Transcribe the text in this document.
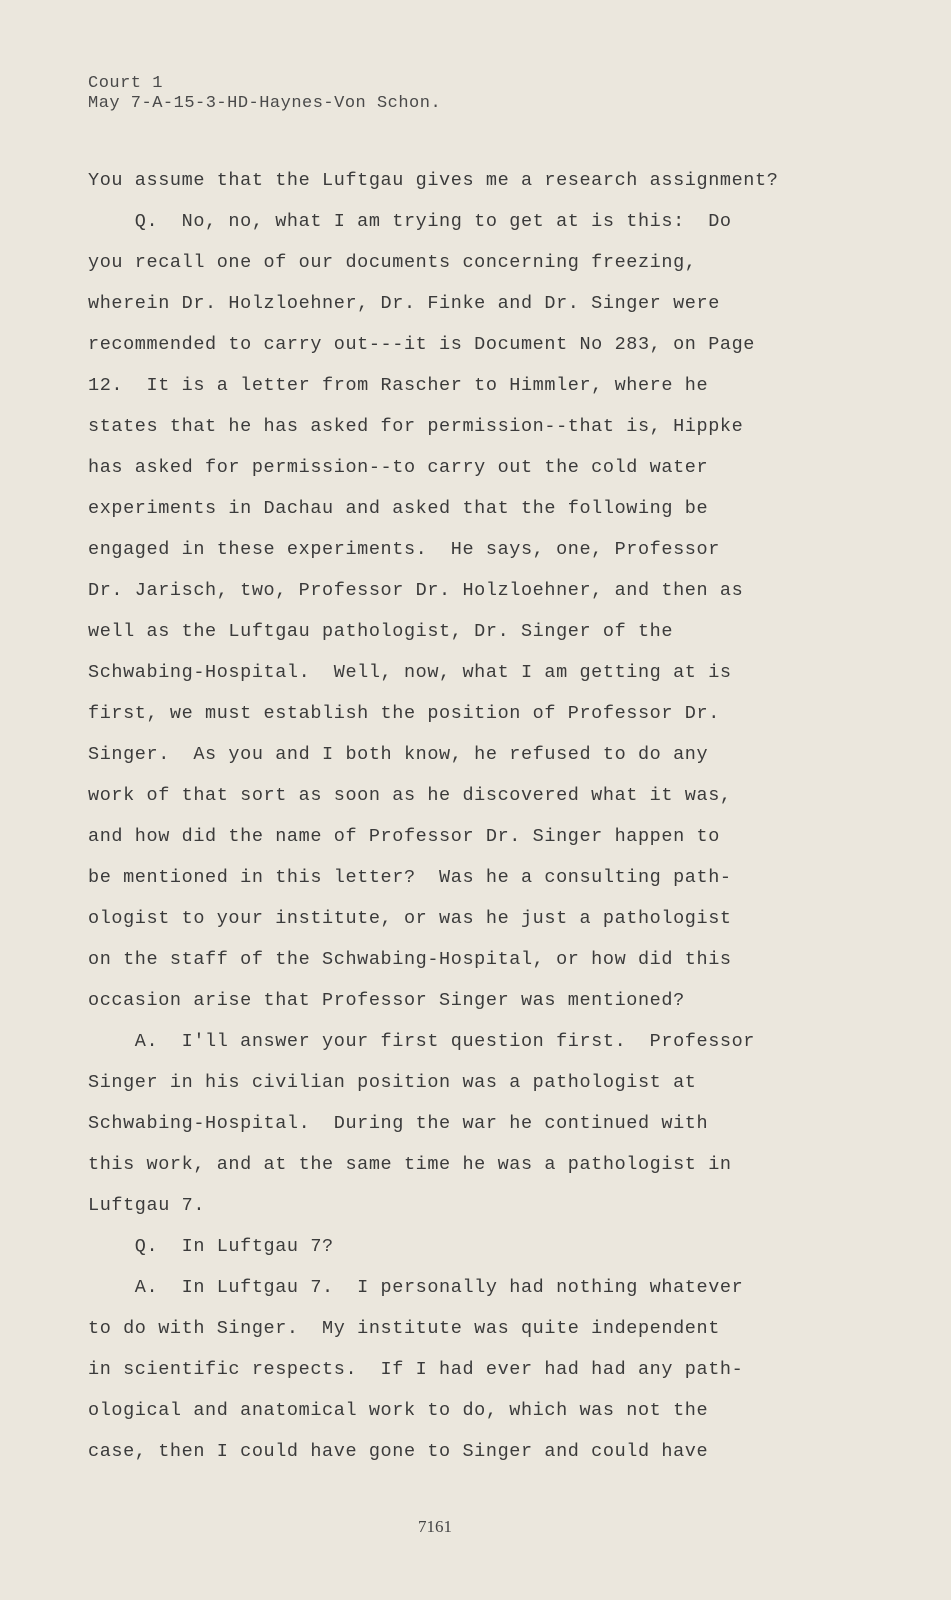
Court 1
May 7-A-15-3-HD-Haynes-Von Schon.
You assume that the Luftgau gives me a research assignment?
Q.  No, no, what I am trying to get at is this:  Do
you recall one of our documents concerning freezing,
wherein Dr. Holzloehner, Dr. Finke and Dr. Singer were
recommended to carry out---it is Document No 283, on Page
12.  It is a letter from Rascher to Himmler, where he
states that he has asked for permission--that is, Hippke
has asked for permission--to carry out the cold water
experiments in Dachau and asked that the following be
engaged in these experiments.  He says, one, Professor
Dr. Jarisch, two, Professor Dr. Holzloehner, and then as
well as the Luftgau pathologist, Dr. Singer of the
Schwabing-Hospital.  Well, now, what I am getting at is
first, we must establish the position of Professor Dr.
Singer.  As you and I both know, he refused to do any
work of that sort as soon as he discovered what it was,
and how did the name of Professor Dr. Singer happen to
be mentioned in this letter?  Was he a consulting path-
ologist to your institute, or was he just a pathologist
on the staff of the Schwabing-Hospital, or how did this
occasion arise that Professor Singer was mentioned?
A.  I'll answer your first question first.  Professor
Singer in his civilian position was a pathologist at
Schwabing-Hospital.  During the war he continued with
this work, and at the same time he was a pathologist in
Luftgau 7.
Q.  In Luftgau 7?
A.  In Luftgau 7.  I personally had nothing whatever
to do with Singer.  My institute was quite independent
in scientific respects.  If I had ever had had any path-
ological and anatomical work to do, which was not the
case, then I could have gone to Singer and could have
7161
